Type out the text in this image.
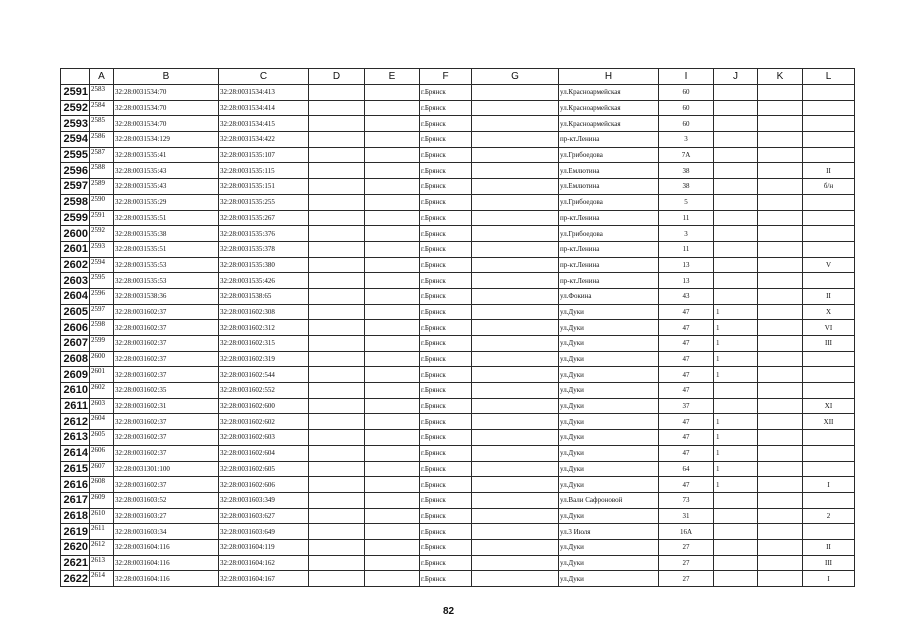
	A	B	C	D	E	F	G	H	I	J	K	L
2591	2583	32:28:0031534:70	32:28:0031534:413			г.Брянск		ул.Красноармейская	60			
2592	2584	32:28:0031534:70	32:28:0031534:414			г.Брянск		ул.Красноармейская	60			
2593	2585	32:28:0031534:70	32:28:0031534:415			г.Брянск		ул.Красноармейская	60			
2594	2586	32:28:0031534:129	32:28:0031534:422			г.Брянск		пр-кт.Ленина	3			
2595	2587	32:28:0031535:41	32:28:0031535:107			г.Брянск		ул.Грибоедова	7А			
2596	2588	32:28:0031535:43	32:28:0031535:115			г.Брянск		ул.Емлютина	38			II
2597	2589	32:28:0031535:43	32:28:0031535:151			г.Брянск		ул.Емлютина	38			б/н
2598	2590	32:28:0031535:29	32:28:0031535:255			г.Брянск		ул.Грибоедова	5			
2599	2591	32:28:0031535:51	32:28:0031535:267			г.Брянск		пр-кт.Ленина	11			
2600	2592	32:28:0031535:38	32:28:0031535:376			г.Брянск		ул.Грибоедова	3			
2601	2593	32:28:0031535:51	32:28:0031535:378			г.Брянск		пр-кт.Ленина	11			
2602	2594	32:28:0031535:53	32:28:0031535:380			г.Брянск		пр-кт.Ленина	13			V
2603	2595	32:28:0031535:53	32:28:0031535:426			г.Брянск		пр-кт.Ленина	13			
2604	2596	32:28:0031538:36	32:28:0031538:65			г.Брянск		ул.Фокина	43			II
2605	2597	32:28:0031602:37	32:28:0031602:308			г.Брянск		ул.Дуки	47	1		X
2606	2598	32:28:0031602:37	32:28:0031602:312			г.Брянск		ул.Дуки	47	1		VI
2607	2599	32:28:0031602:37	32:28:0031602:315			г.Брянск		ул.Дуки	47	1		III
2608	2600	32:28:0031602:37	32:28:0031602:319			г.Брянск		ул.Дуки	47	1		
2609	2601	32:28:0031602:37	32:28:0031602:544			г.Брянск		ул.Дуки	47	1		
2610	2602	32:28:0031602:35	32:28:0031602:552			г.Брянск		ул.Дуки	47			
2611	2603	32:28:0031602:31	32:28:0031602:600			г.Брянск		ул.Дуки	37			XI
2612	2604	32:28:0031602:37	32:28:0031602:602			г.Брянск		ул.Дуки	47	1		XII
2613	2605	32:28:0031602:37	32:28:0031602:603			г.Брянск		ул.Дуки	47	1		
2614	2606	32:28:0031602:37	32:28:0031602:604			г.Брянск		ул.Дуки	47	1		
2615	2607	32:28:0031301:100	32:28:0031602:605			г.Брянск		ул.Дуки	64	1		
2616	2608	32:28:0031602:37	32:28:0031602:606			г.Брянск		ул.Дуки	47	1		I
2617	2609	32:28:0031603:52	32:28:0031603:349			г.Брянск		ул.Вали Сафроновой	73			
2618	2610	32:28:0031603:27	32:28:0031603:627			г.Брянск		ул.Дуки	31			2
2619	2611	32:28:0031603:34	32:28:0031603:649			г.Брянск		ул.3 Июля	16А			
2620	2612	32:28:0031604:116	32:28:0031604:119			г.Брянск		ул.Дуки	27			II
2621	2613	32:28:0031604:116	32:28:0031604:162			г.Брянск		ул.Дуки	27			III
2622	2614	32:28:0031604:116	32:28:0031604:167			г.Брянск		ул.Дуки	27			I
82
